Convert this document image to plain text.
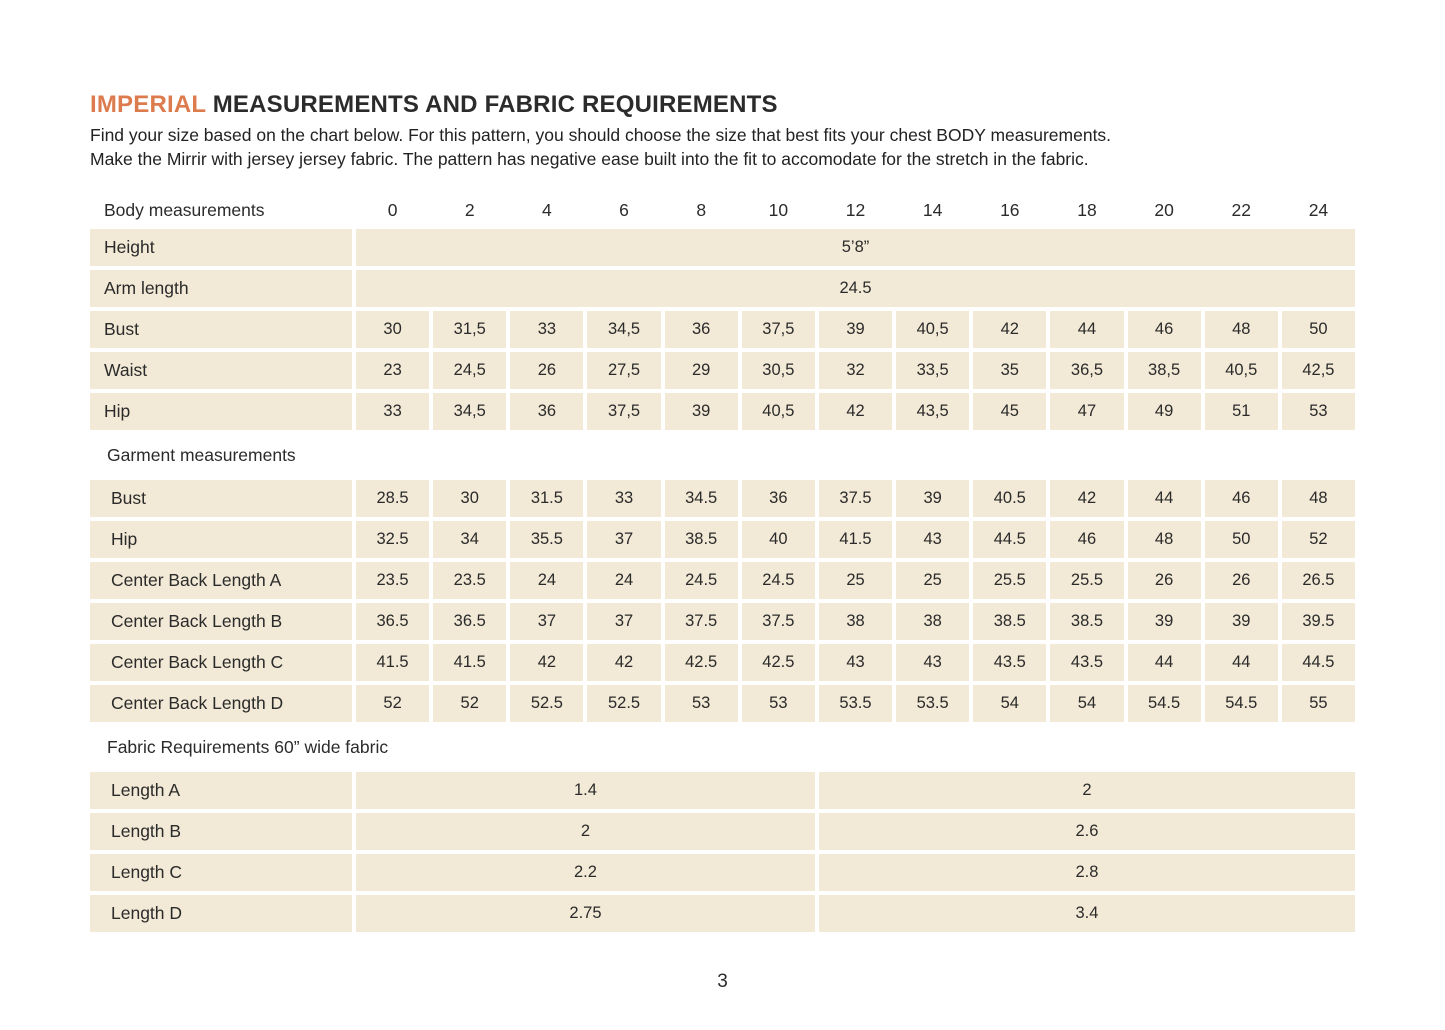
IMPERIAL MEASUREMENTS AND FABRIC REQUIREMENTS
Find your size based on the chart below. For this pattern, you should choose the size that best fits your chest BODY measurements.
Make the Mirrir with jersey jersey fabric. The pattern has negative ease built into the fit to accomodate for the stretch in the fabric.
Body measurements	0	2	4	6	8	10	12	14	16	18	20	22	24
Height	5’8”
Arm length	24.5
Bust	30	31,5	33	34,5	36	37,5	39	40,5	42	44	46	48	50
Waist	23	24,5	26	27,5	29	30,5	32	33,5	35	36,5	38,5	40,5	42,5
Hip	33	34,5	36	37,5	39	40,5	42	43,5	45	47	49	51	53
Garment measurements
Bust	28.5	30	31.5	33	34.5	36	37.5	39	40.5	42	44	46	48
Hip	32.5	34	35.5	37	38.5	40	41.5	43	44.5	46	48	50	52
Center Back Length A	23.5	23.5	24	24	24.5	24.5	25	25	25.5	25.5	26	26	26.5
Center Back Length B	36.5	36.5	37	37	37.5	37.5	38	38	38.5	38.5	39	39	39.5
Center Back Length C	41.5	41.5	42	42	42.5	42.5	43	43	43.5	43.5	44	44	44.5
Center Back Length D	52	52	52.5	52.5	53	53	53.5	53.5	54	54	54.5	54.5	55
Fabric Requirements 60” wide fabric
Length A	1.4	2
Length B	2	2.6
Length C	2.2	2.8
Length D	2.75	3.4
3
